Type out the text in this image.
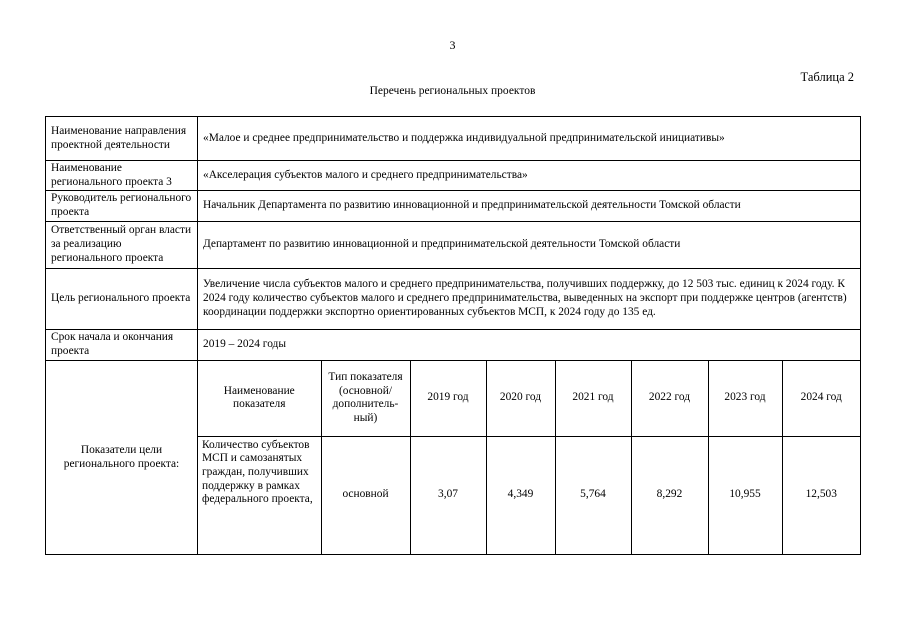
3
Таблица 2
Перечень региональных проектов
Наименование направления проектной деятельности	«Малое и среднее предпринимательство и поддержка индивидуальной предпринимательской инициативы»
Наименование регионального проекта 3	«Акселерация субъектов малого и среднего предпринимательства»
Руководитель регионального проекта	Начальник Департамента по развитию инновационной и предпринимательской деятельности Томской области
Ответственный орган власти за реализацию регионального проекта	Департамент по развитию инновационной и предпринимательской деятельности Томской области
Цель регионального проекта	Увеличение числа субъектов малого и среднего предпринимательства, получивших поддержку, до 12 503 тыс. единиц к 2024 году. К 2024 году количество субъектов малого и среднего предпринимательства, выведенных на экспорт при поддержке центров (агентств) координации поддержки экспортно ориентированных субъектов МСП, к 2024 году до 135 ед.
Срок начала и окончания проекта	2019 – 2024 годы
Показатели цели регионального проекта:	
Наименование показателя	Тип показателя (основной/ дополнитель-ный)	2019 год	2020 год	2021 год	2022 год	2023 год	2024 год
Количество субъектов МСП и самозанятых граждан, получивших поддержку в рамках федерального проекта,	основной	3,07	4,349	5,764	8,292	10,955	12,503
